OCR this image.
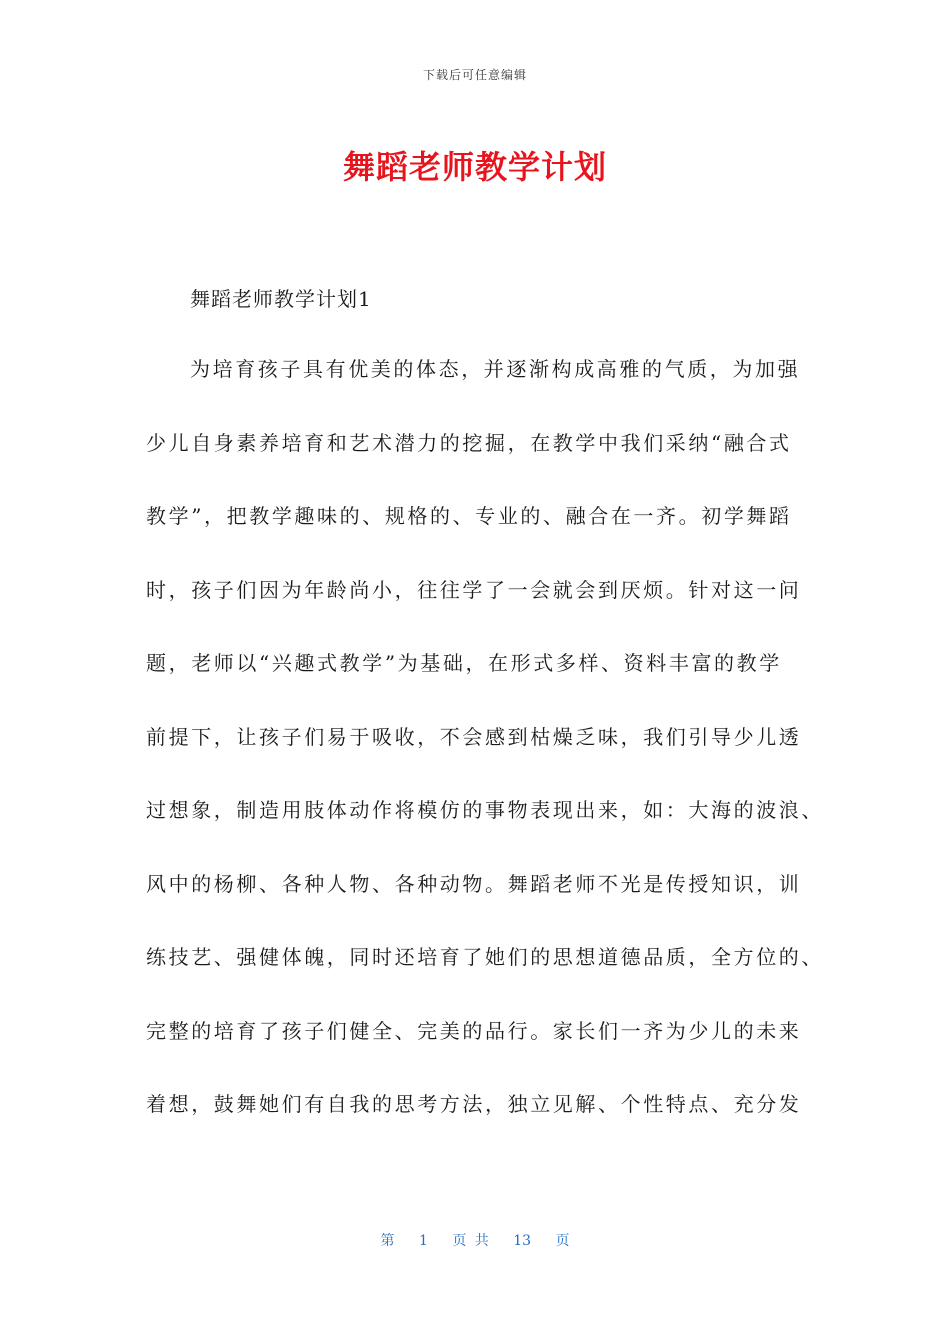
下载后可任意编辑
舞蹈老师教学计划

舞蹈老师教学计划1

为培育孩子具有优美的体态，并逐渐构成高雅的气质，为加强
少儿自身素养培育和艺术潜力的挖掘，在教学中我们采纳“融合式
教学”，把教学趣味的、规格的、专业的、融合在一齐。初学舞蹈
时，孩子们因为年龄尚小，往往学了一会就会到厌烦。针对这一问
题，老师以“兴趣式教学”为基础，在形式多样、资料丰富的教学
前提下，让孩子们易于吸收，不会感到枯燥乏味，我们引导少儿透
过想象，制造用肢体动作将模仿的事物表现出来，如：大海的波浪、
风中的杨柳、各种人物、各种动物。舞蹈老师不光是传授知识，训
练技艺、强健体魄，同时还培育了她们的思想道德品质，全方位的、
完整的培育了孩子们健全、完美的品行。家长们一齐为少儿的未来
着想，鼓舞她们有自我的思考方法，独立见解、个性特点、充分发
第 1 页 共 13 页
